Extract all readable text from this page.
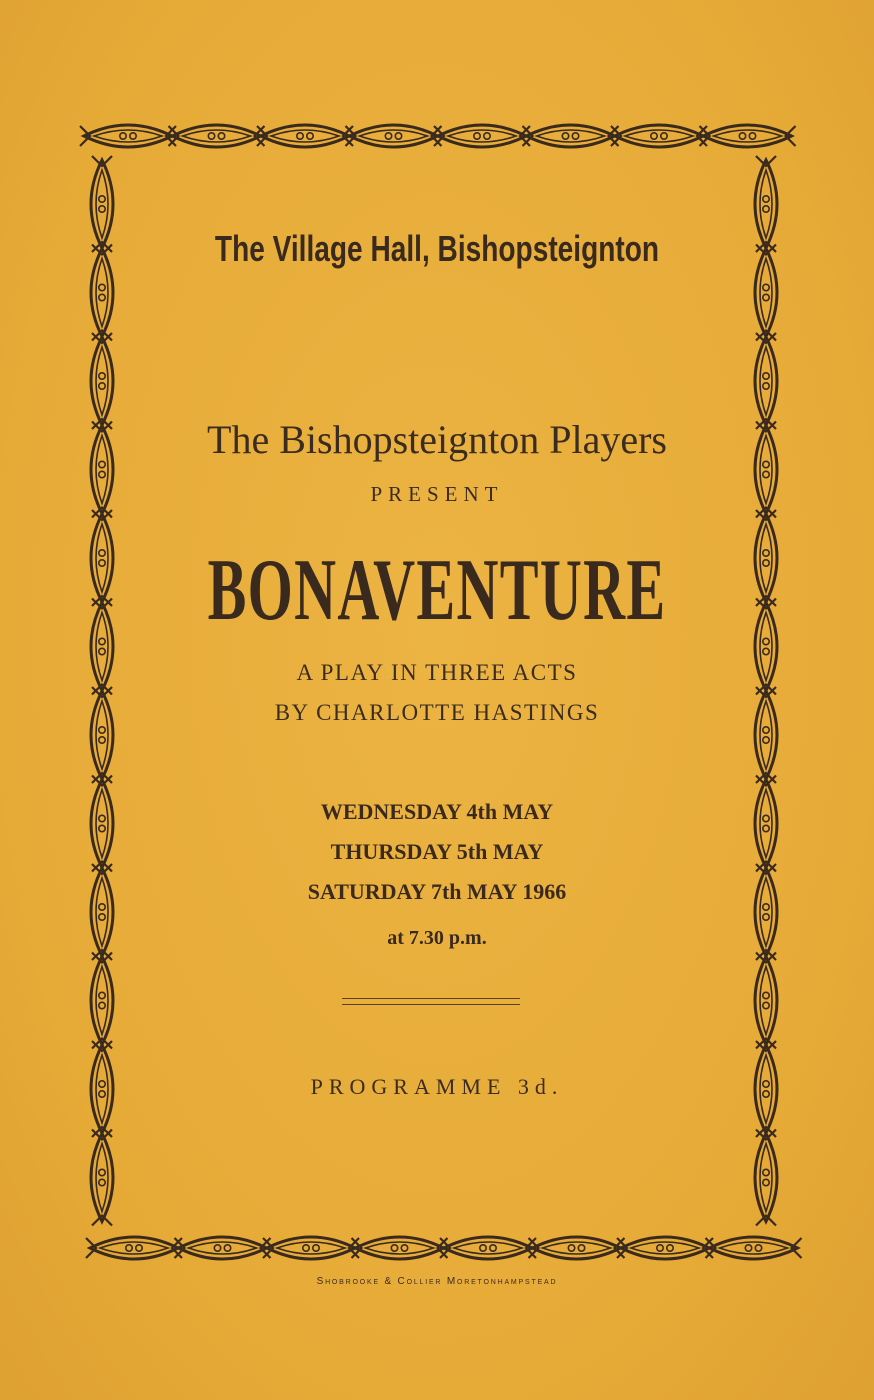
The Village Hall, Bishopsteignton

The Bishopsteignton Players

PRESENT

BONAVENTURE

A PLAY IN THREE ACTS

BY CHARLOTTE HASTINGS

WEDNESDAY 4th MAY

THURSDAY 5th MAY

SATURDAY 7th MAY 1966

at 7.30 p.m.

PROGRAMME 3d.

Shobrooke & Collier Moretonhampstead
